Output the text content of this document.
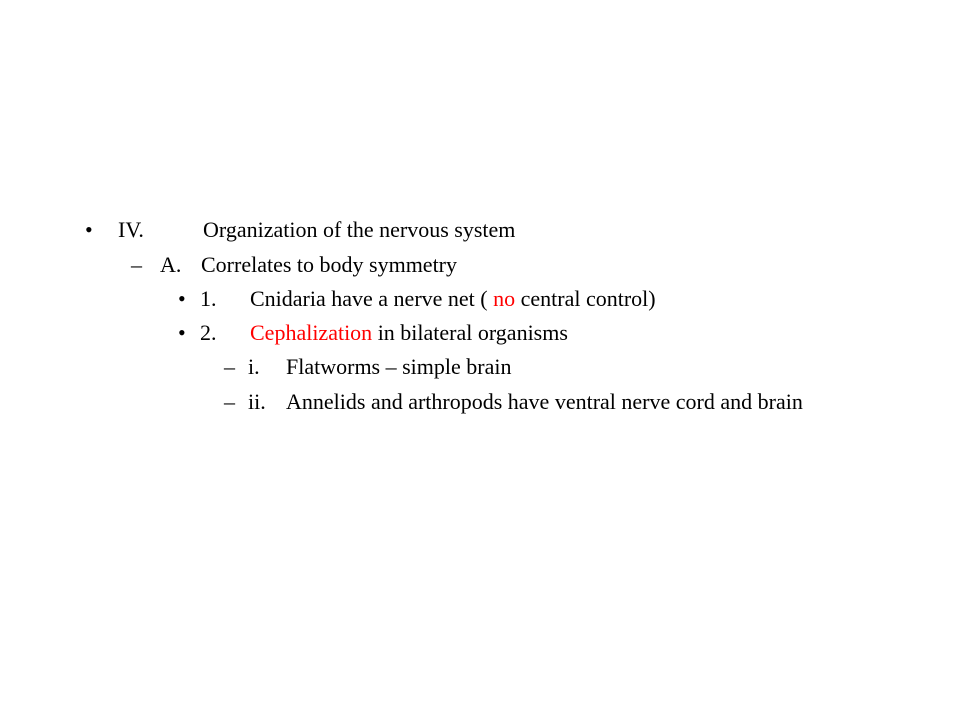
• IV.	Organization of the nervous system
– A. Correlates to body symmetry
• 1. Cnidaria have a nerve net ( no central control)
• 2. Cephalization in bilateral organisms
– i. Flatworms – simple brain
– ii. Annelids and arthropods have ventral nerve cord and brain
